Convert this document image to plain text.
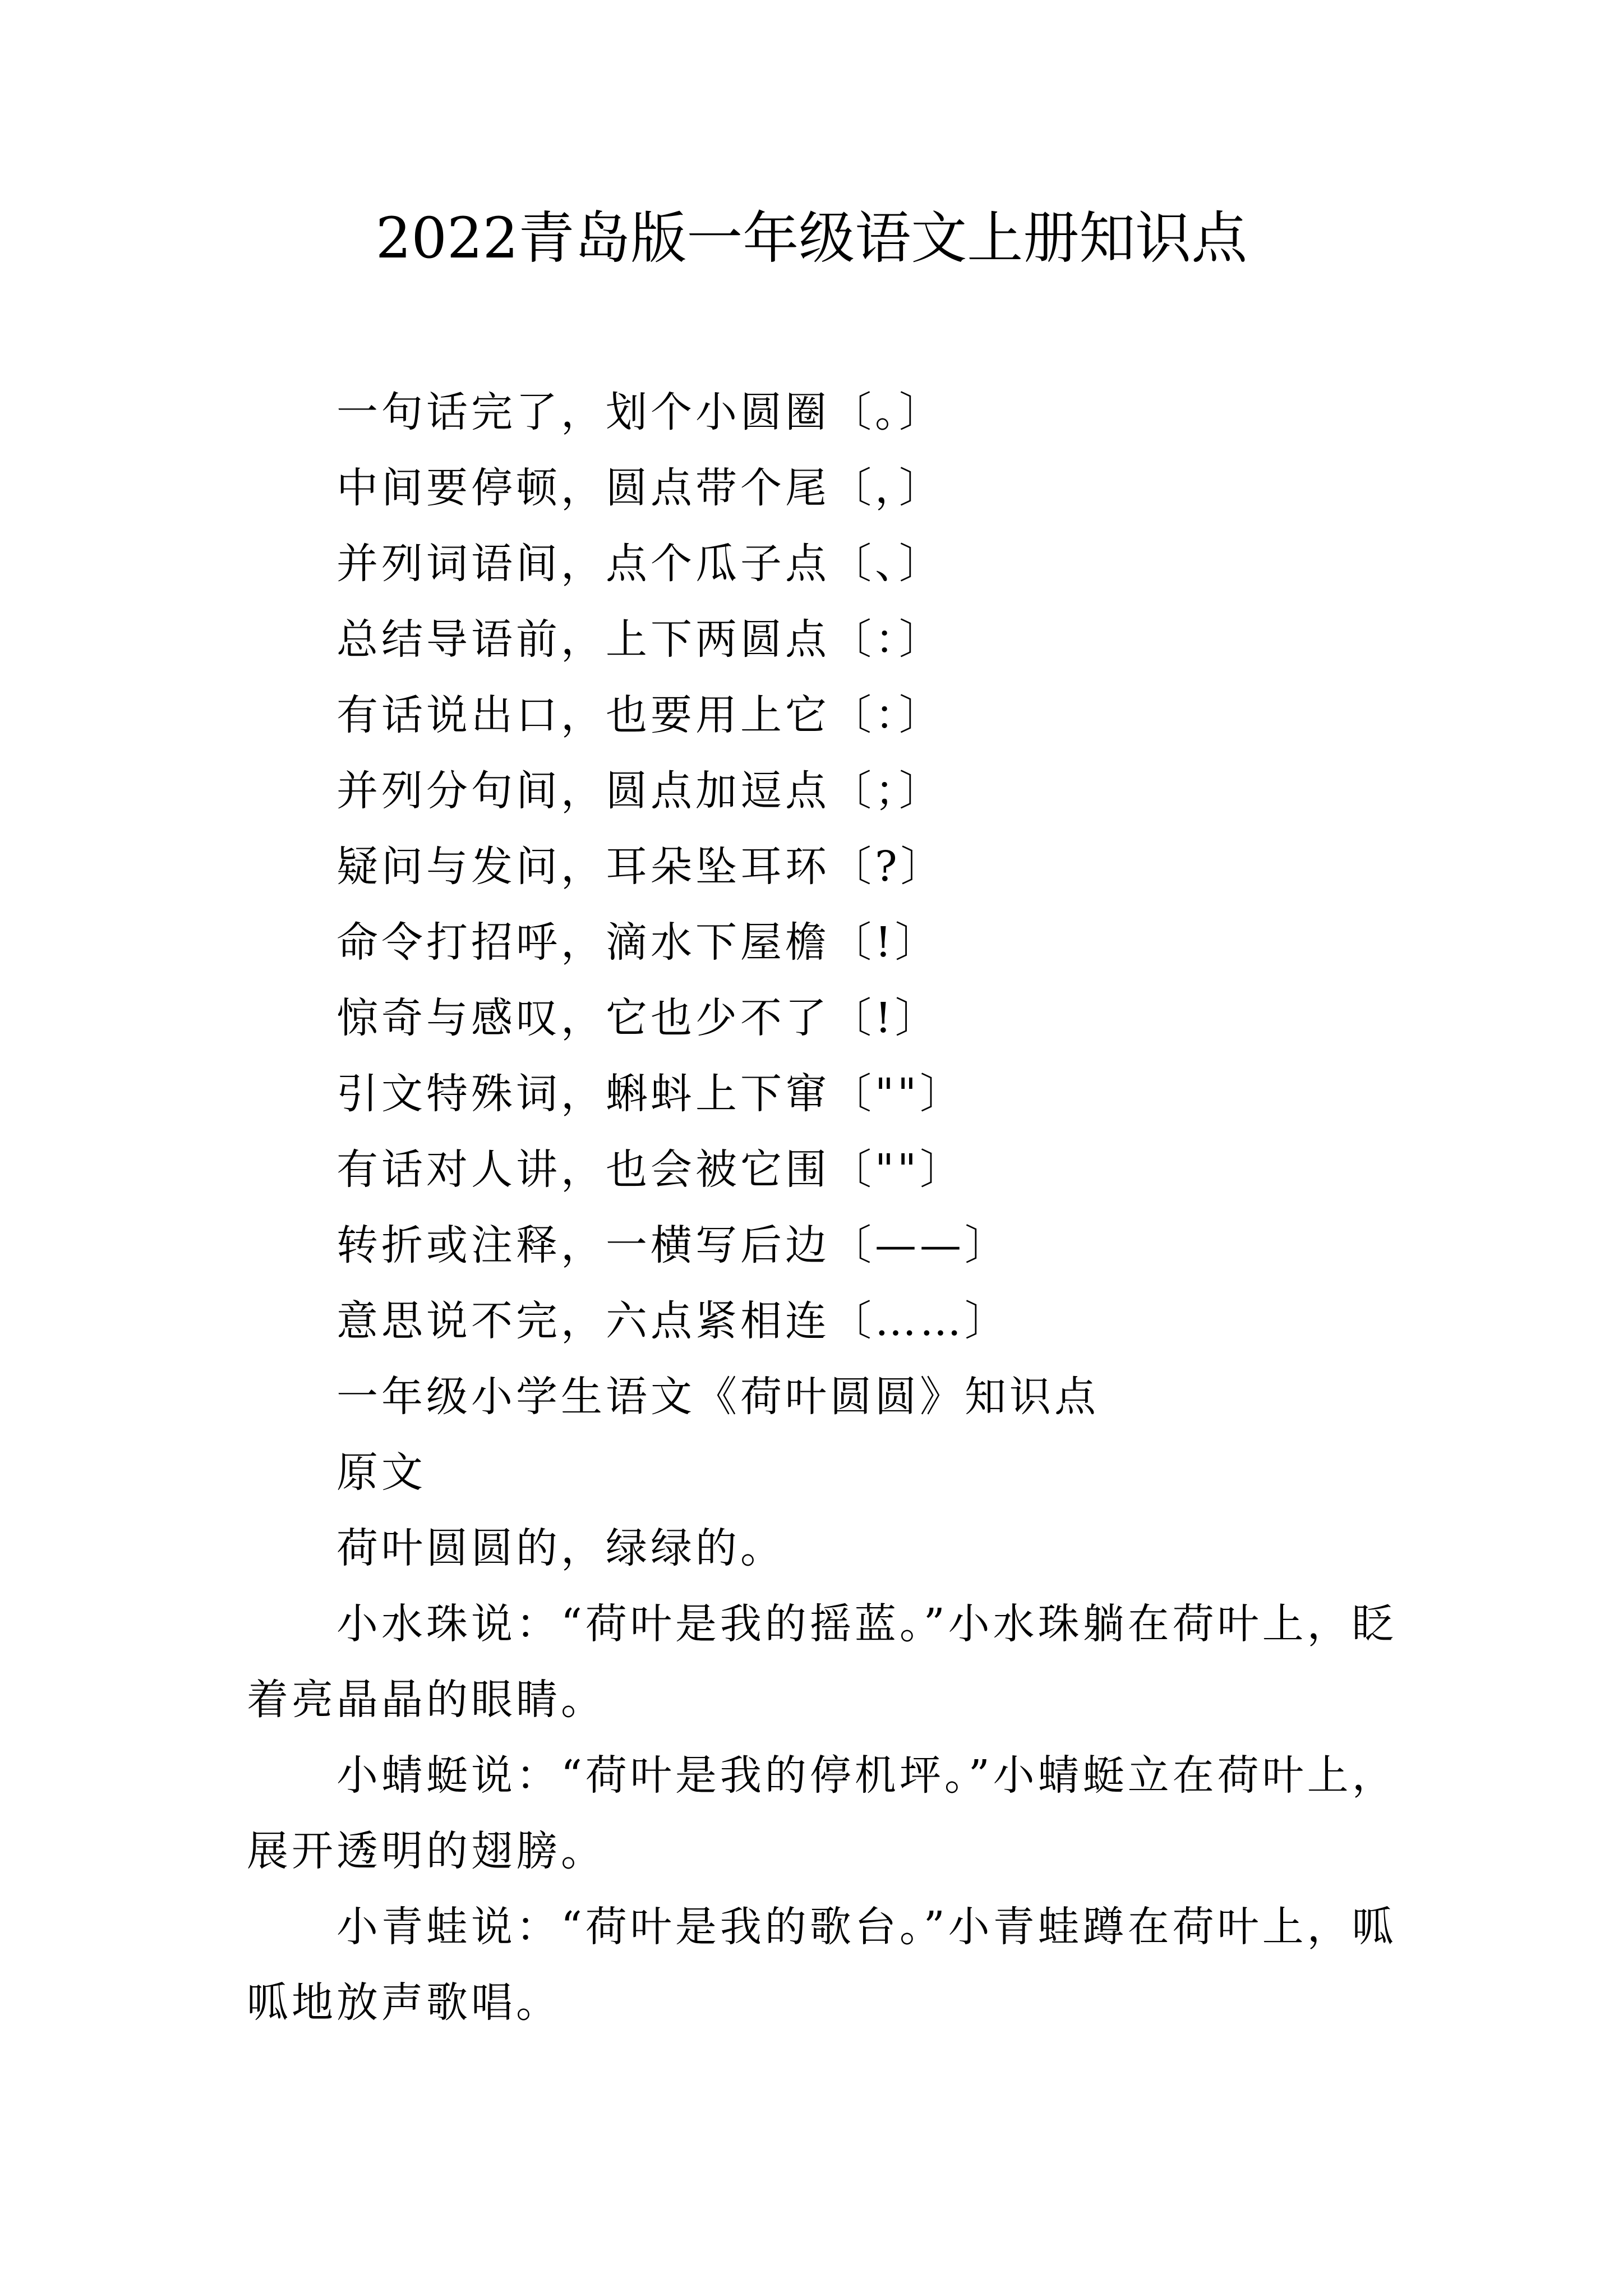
2022青岛版一年级语文上册知识点

一句话完了，划个小圆圈〔。〕

中间要停顿，圆点带个尾〔，〕

并列词语间，点个瓜子点〔、〕

总结导语前，上下两圆点〔：〕

有话说出口，也要用上它〔：〕

并列分句间，圆点加逗点〔；〕

疑问与发问，耳朵坠耳环〔?〕

命令打招呼，滴水下屋檐〔!〕

惊奇与感叹，它也少不了〔!〕

引文特殊词，蝌蚪上下窜〔""〕

有话对人讲，也会被它围〔""〕

转折或注释，一横写后边〔——〕

意思说不完，六点紧相连〔……〕

一年级小学生语文《荷叶圆圆》知识点

原文

荷叶圆圆的，绿绿的。

小水珠说：“荷叶是我的摇蓝。”小水珠躺在荷叶上，眨

着亮晶晶的眼睛。

小蜻蜓说：“荷叶是我的停机坪。”小蜻蜓立在荷叶上，

展开透明的翅膀。

小青蛙说：“荷叶是我的歌台。”小青蛙蹲在荷叶上，呱

呱地放声歌唱。
